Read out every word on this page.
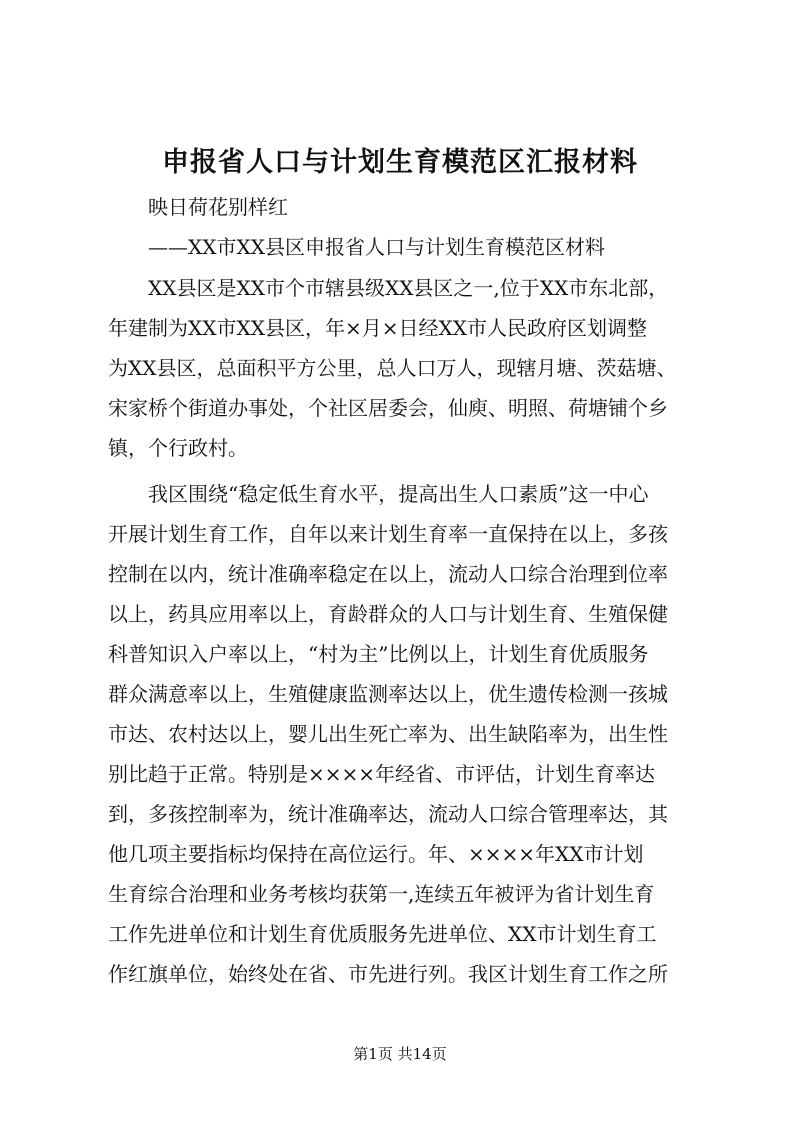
申报省人口与计划生育模范区汇报材料

映日荷花别样红

——XX市XX县区申报省人口与计划生育模范区材料

XX县区是XX市个市辖县级XX县区之一,位于XX市东北部，

年建制为XX市XX县区，年×月×日经XX市人民政府区划调整

为XX县区，总面积平方公里，总人口万人，现辖月塘、茨菇塘、

宋家桥个街道办事处，个社区居委会，仙庾、明照、荷塘铺个乡

镇，个行政村。

我区围绕“稳定低生育水平，提高出生人口素质”这一中心

开展计划生育工作，自年以来计划生育率一直保持在以上，多孩

控制在以内，统计准确率稳定在以上，流动人口综合治理到位率

以上，药具应用率以上，育龄群众的人口与计划生育、生殖保健

科普知识入户率以上，“村为主”比例以上，计划生育优质服务

群众满意率以上，生殖健康监测率达以上，优生遗传检测一孩城

市达、农村达以上，婴儿出生死亡率为、出生缺陷率为，出生性

别比趋于正常。特别是××××年经省、市评估，计划生育率达

到，多孩控制率为，统计准确率达，流动人口综合管理率达，其

他几项主要指标均保持在高位运行。年、××××年XX市计划

生育综合治理和业务考核均获第一,连续五年被评为省计划生育

工作先进单位和计划生育优质服务先进单位、XX市计划生育工

作红旗单位，始终处在省、市先进行列。我区计划生育工作之所

第1页 共14页
